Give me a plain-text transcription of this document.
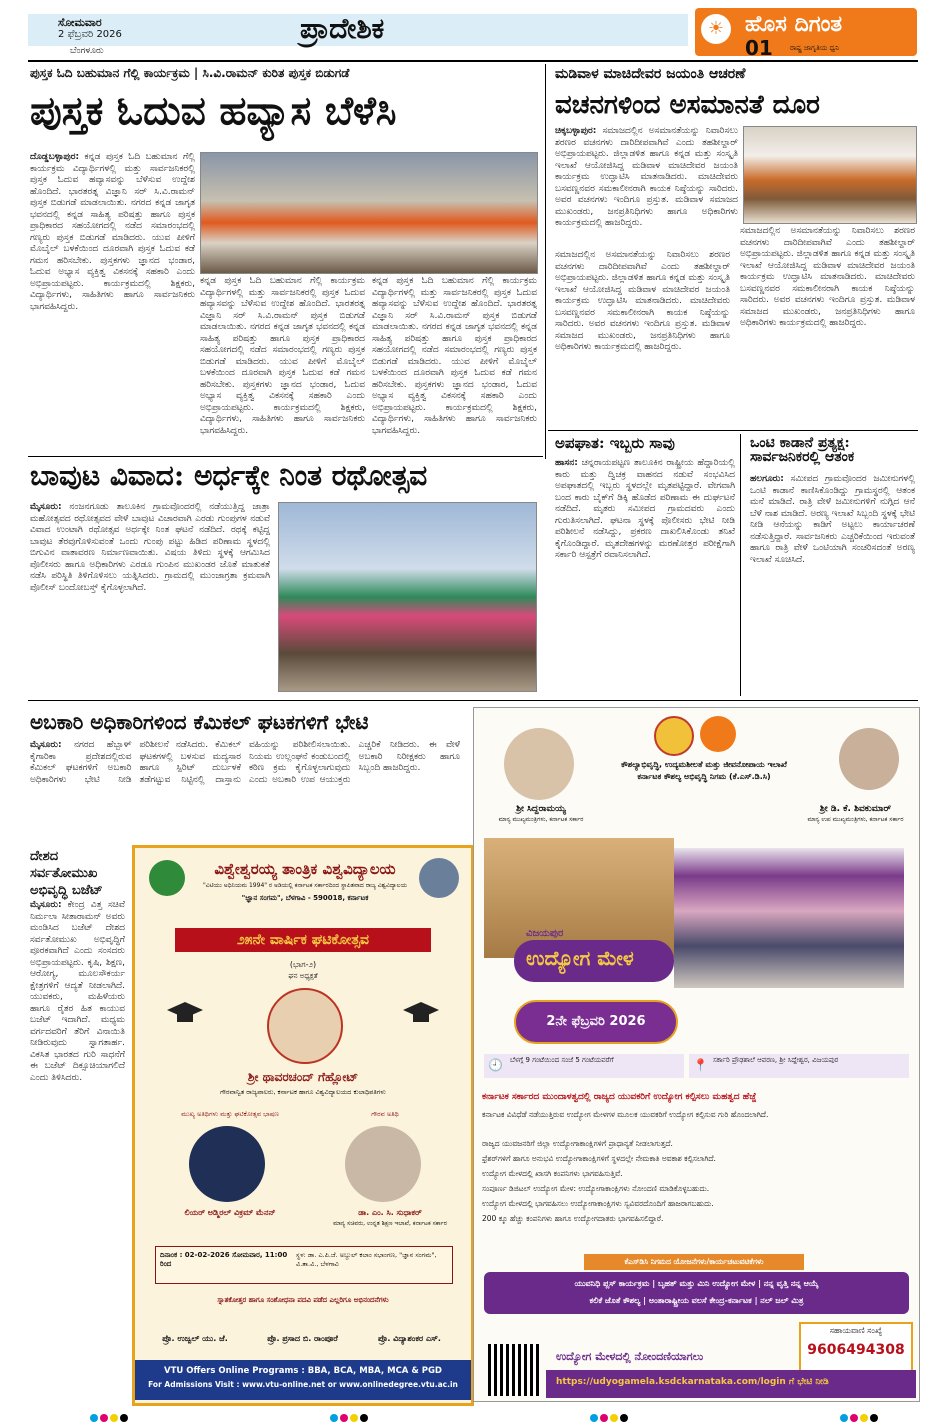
ಸೋಮವಾರ
2 ಫೆಬ್ರವರಿ 2026
ಬೆಂಗಳೂರು
ಪ್ರಾದೇಶಿಕ	☀ ಹೊಸ ದಿಗಂತ
01 ರಾಷ್ಟ್ರ ಜಾಗೃತಿಯ ಧ್ವನಿ
ಪುಸ್ತಕ ಓದಿ ಬಹುಮಾನ ಗೆಲ್ಲಿ ಕಾರ್ಯಕ್ರಮ | ಸಿ.ವಿ.ರಾಮನ್ ಕುರಿತ ಪುಸ್ತಕ ಬಿಡುಗಡೆ
ಪುಸ್ತಕ ಓದುವ ಹವ್ಯಾಸ ಬೆಳೆಸಿ
ದೊಡ್ಡಬಳ್ಳಾಪುರ: ಕನ್ನಡ ಪುಸ್ತಕ ಓದಿ ಬಹುಮಾನ ಗೆಲ್ಲಿ ಕಾರ್ಯಕ್ರಮ ವಿದ್ಯಾರ್ಥಿಗಳಲ್ಲಿ ಮತ್ತು ಸಾರ್ವಜನಿಕರಲ್ಲಿ ಪುಸ್ತಕ ಓದುವ ಹವ್ಯಾಸವನ್ನು ಬೆಳೆಸುವ ಉದ್ದೇಶ ಹೊಂದಿದೆ. ಭಾರತರತ್ನ ವಿಜ್ಞಾನಿ ಸರ್ ಸಿ.ವಿ.ರಾಮನ್ ಪುಸ್ತಕ ಬಿಡುಗಡೆ ಮಾಡಲಾಯಿತು. ನಗರದ ಕನ್ನಡ ಜಾಗೃತ ಭವನದಲ್ಲಿ ಕನ್ನಡ ಸಾಹಿತ್ಯ ಪರಿಷತ್ತು ಹಾಗೂ ಪುಸ್ತಕ ಪ್ರಾಧಿಕಾರದ ಸಹಯೋಗದಲ್ಲಿ ನಡೆದ ಸಮಾರಂಭದಲ್ಲಿ ಗಣ್ಯರು ಪುಸ್ತಕ ಬಿಡುಗಡೆ ಮಾಡಿದರು. ಯುವ ಪೀಳಿಗೆ ಮೊಬೈಲ್ ಬಳಕೆಯಿಂದ ದೂರವಾಗಿ ಪುಸ್ತಕ ಓದುವ ಕಡೆ ಗಮನ ಹರಿಸಬೇಕು. ಪುಸ್ತಕಗಳು ಜ್ಞಾನದ ಭಂಡಾರ, ಓದುವ ಅಭ್ಯಾಸ ವ್ಯಕ್ತಿತ್ವ ವಿಕಸನಕ್ಕೆ ಸಹಕಾರಿ ಎಂದು ಅಭಿಪ್ರಾಯಪಟ್ಟರು. ಕಾರ್ಯಕ್ರಮದಲ್ಲಿ ಶಿಕ್ಷಕರು, ವಿದ್ಯಾರ್ಥಿಗಳು, ಸಾಹಿತಿಗಳು ಹಾಗೂ ಸಾರ್ವಜನಿಕರು ಭಾಗವಹಿಸಿದ್ದರು.
ಕನ್ನಡ ಪುಸ್ತಕ ಓದಿ ಬಹುಮಾನ ಗೆಲ್ಲಿ ಕಾರ್ಯಕ್ರಮ ವಿದ್ಯಾರ್ಥಿಗಳಲ್ಲಿ ಮತ್ತು ಸಾರ್ವಜನಿಕರಲ್ಲಿ ಪುಸ್ತಕ ಓದುವ ಹವ್ಯಾಸವನ್ನು ಬೆಳೆಸುವ ಉದ್ದೇಶ ಹೊಂದಿದೆ. ಭಾರತರತ್ನ ವಿಜ್ಞಾನಿ ಸರ್ ಸಿ.ವಿ.ರಾಮನ್ ಪುಸ್ತಕ ಬಿಡುಗಡೆ ಮಾಡಲಾಯಿತು. ನಗರದ ಕನ್ನಡ ಜಾಗೃತ ಭವನದಲ್ಲಿ ಕನ್ನಡ ಸಾಹಿತ್ಯ ಪರಿಷತ್ತು ಹಾಗೂ ಪುಸ್ತಕ ಪ್ರಾಧಿಕಾರದ ಸಹಯೋಗದಲ್ಲಿ ನಡೆದ ಸಮಾರಂಭದಲ್ಲಿ ಗಣ್ಯರು ಪುಸ್ತಕ ಬಿಡುಗಡೆ ಮಾಡಿದರು. ಯುವ ಪೀಳಿಗೆ ಮೊಬೈಲ್ ಬಳಕೆಯಿಂದ ದೂರವಾಗಿ ಪುಸ್ತಕ ಓದುವ ಕಡೆ ಗಮನ ಹರಿಸಬೇಕು. ಪುಸ್ತಕಗಳು ಜ್ಞಾನದ ಭಂಡಾರ, ಓದುವ ಅಭ್ಯಾಸ ವ್ಯಕ್ತಿತ್ವ ವಿಕಸನಕ್ಕೆ ಸಹಕಾರಿ ಎಂದು ಅಭಿಪ್ರಾಯಪಟ್ಟರು. ಕಾರ್ಯಕ್ರಮದಲ್ಲಿ ಶಿಕ್ಷಕರು, ವಿದ್ಯಾರ್ಥಿಗಳು, ಸಾಹಿತಿಗಳು ಹಾಗೂ ಸಾರ್ವಜನಿಕರು ಭಾಗವಹಿಸಿದ್ದರು.
ಕನ್ನಡ ಪುಸ್ತಕ ಓದಿ ಬಹುಮಾನ ಗೆಲ್ಲಿ ಕಾರ್ಯಕ್ರಮ ವಿದ್ಯಾರ್ಥಿಗಳಲ್ಲಿ ಮತ್ತು ಸಾರ್ವಜನಿಕರಲ್ಲಿ ಪುಸ್ತಕ ಓದುವ ಹವ್ಯಾಸವನ್ನು ಬೆಳೆಸುವ ಉದ್ದೇಶ ಹೊಂದಿದೆ. ಭಾರತರತ್ನ ವಿಜ್ಞಾನಿ ಸರ್ ಸಿ.ವಿ.ರಾಮನ್ ಪುಸ್ತಕ ಬಿಡುಗಡೆ ಮಾಡಲಾಯಿತು. ನಗರದ ಕನ್ನಡ ಜಾಗೃತ ಭವನದಲ್ಲಿ ಕನ್ನಡ ಸಾಹಿತ್ಯ ಪರಿಷತ್ತು ಹಾಗೂ ಪುಸ್ತಕ ಪ್ರಾಧಿಕಾರದ ಸಹಯೋಗದಲ್ಲಿ ನಡೆದ ಸಮಾರಂಭದಲ್ಲಿ ಗಣ್ಯರು ಪುಸ್ತಕ ಬಿಡುಗಡೆ ಮಾಡಿದರು. ಯುವ ಪೀಳಿಗೆ ಮೊಬೈಲ್ ಬಳಕೆಯಿಂದ ದೂರವಾಗಿ ಪುಸ್ತಕ ಓದುವ ಕಡೆ ಗಮನ ಹರಿಸಬೇಕು. ಪುಸ್ತಕಗಳು ಜ್ಞಾನದ ಭಂಡಾರ, ಓದುವ ಅಭ್ಯಾಸ ವ್ಯಕ್ತಿತ್ವ ವಿಕಸನಕ್ಕೆ ಸಹಕಾರಿ ಎಂದು ಅಭಿಪ್ರಾಯಪಟ್ಟರು. ಕಾರ್ಯಕ್ರಮದಲ್ಲಿ ಶಿಕ್ಷಕರು, ವಿದ್ಯಾರ್ಥಿಗಳು, ಸಾಹಿತಿಗಳು ಹಾಗೂ ಸಾರ್ವಜನಿಕರು ಭಾಗವಹಿಸಿದ್ದರು.
ಮಡಿವಾಳ ಮಾಚಿದೇವರ ಜಯಂತಿ ಆಚರಣೆ
ವಚನಗಳಿಂದ ಅಸಮಾನತೆ ದೂರ
ಚಿಕ್ಕಬಳ್ಳಾಪುರ: ಸಮಾಜದಲ್ಲಿನ ಅಸಮಾನತೆಯನ್ನು ನಿವಾರಿಸಲು ಶರಣರ ವಚನಗಳು ದಾರಿದೀಪವಾಗಿವೆ ಎಂದು ತಹಶೀಲ್ದಾರ್ ಅಭಿಪ್ರಾಯಪಟ್ಟರು. ಜಿಲ್ಲಾಡಳಿತ ಹಾಗೂ ಕನ್ನಡ ಮತ್ತು ಸಂಸ್ಕೃತಿ ಇಲಾಖೆ ಆಯೋಜಿಸಿದ್ದ ಮಡಿವಾಳ ಮಾಚಿದೇವರ ಜಯಂತಿ ಕಾರ್ಯಕ್ರಮ ಉದ್ಘಾಟಿಸಿ ಮಾತನಾಡಿದರು. ಮಾಚಿದೇವರು ಬಸವಣ್ಣನವರ ಸಮಕಾಲೀನರಾಗಿ ಕಾಯಕ ನಿಷ್ಠೆಯನ್ನು ಸಾರಿದರು. ಅವರ ವಚನಗಳು ಇಂದಿಗೂ ಪ್ರಸ್ತುತ. ಮಡಿವಾಳ ಸಮಾಜದ ಮುಖಂಡರು, ಜನಪ್ರತಿನಿಧಿಗಳು ಹಾಗೂ ಅಧಿಕಾರಿಗಳು ಕಾರ್ಯಕ್ರಮದಲ್ಲಿ ಹಾಜರಿದ್ದರು.
ಸಮಾಜದಲ್ಲಿನ ಅಸಮಾನತೆಯನ್ನು ನಿವಾರಿಸಲು ಶರಣರ ವಚನಗಳು ದಾರಿದೀಪವಾಗಿವೆ ಎಂದು ತಹಶೀಲ್ದಾರ್ ಅಭಿಪ್ರಾಯಪಟ್ಟರು. ಜಿಲ್ಲಾಡಳಿತ ಹಾಗೂ ಕನ್ನಡ ಮತ್ತು ಸಂಸ್ಕೃತಿ ಇಲಾಖೆ ಆಯೋಜಿಸಿದ್ದ ಮಡಿವಾಳ ಮಾಚಿದೇವರ ಜಯಂತಿ ಕಾರ್ಯಕ್ರಮ ಉದ್ಘಾಟಿಸಿ ಮಾತನಾಡಿದರು. ಮಾಚಿದೇವರು ಬಸವಣ್ಣನವರ ಸಮಕಾಲೀನರಾಗಿ ಕಾಯಕ ನಿಷ್ಠೆಯನ್ನು ಸಾರಿದರು. ಅವರ ವಚನಗಳು ಇಂದಿಗೂ ಪ್ರಸ್ತುತ. ಮಡಿವಾಳ ಸಮಾಜದ ಮುಖಂಡರು, ಜನಪ್ರತಿನಿಧಿಗಳು ಹಾಗೂ ಅಧಿಕಾರಿಗಳು ಕಾರ್ಯಕ್ರಮದಲ್ಲಿ ಹಾಜರಿದ್ದರು.
ಸಮಾಜದಲ್ಲಿನ ಅಸಮಾನತೆಯನ್ನು ನಿವಾರಿಸಲು ಶರಣರ ವಚನಗಳು ದಾರಿದೀಪವಾಗಿವೆ ಎಂದು ತಹಶೀಲ್ದಾರ್ ಅಭಿಪ್ರಾಯಪಟ್ಟರು. ಜಿಲ್ಲಾಡಳಿತ ಹಾಗೂ ಕನ್ನಡ ಮತ್ತು ಸಂಸ್ಕೃತಿ ಇಲಾಖೆ ಆಯೋಜಿಸಿದ್ದ ಮಡಿವಾಳ ಮಾಚಿದೇವರ ಜಯಂತಿ ಕಾರ್ಯಕ್ರಮ ಉದ್ಘಾಟಿಸಿ ಮಾತನಾಡಿದರು. ಮಾಚಿದೇವರು ಬಸವಣ್ಣನವರ ಸಮಕಾಲೀನರಾಗಿ ಕಾಯಕ ನಿಷ್ಠೆಯನ್ನು ಸಾರಿದರು. ಅವರ ವಚನಗಳು ಇಂದಿಗೂ ಪ್ರಸ್ತುತ. ಮಡಿವಾಳ ಸಮಾಜದ ಮುಖಂಡರು, ಜನಪ್ರತಿನಿಧಿಗಳು ಹಾಗೂ ಅಧಿಕಾರಿಗಳು ಕಾರ್ಯಕ್ರಮದಲ್ಲಿ ಹಾಜರಿದ್ದರು.
ಬಾವುಟ ವಿವಾದ: ಅರ್ಧಕ್ಕೇ ನಿಂತ ರಥೋತ್ಸವ
ಮೈಸೂರು: ನಂಜನಗೂಡು ತಾಲೂಕಿನ ಗ್ರಾಮವೊಂದರಲ್ಲಿ ನಡೆಯುತ್ತಿದ್ದ ಜಾತ್ರಾ ಮಹೋತ್ಸವದ ರಥೋತ್ಸವದ ವೇಳೆ ಬಾವುಟ ವಿಚಾರವಾಗಿ ಎರಡು ಗುಂಪುಗಳ ನಡುವೆ ವಿವಾದ ಉಂಟಾಗಿ ರಥೋತ್ಸವ ಅರ್ಧಕ್ಕೇ ನಿಂತ ಘಟನೆ ನಡೆದಿದೆ. ರಥಕ್ಕೆ ಕಟ್ಟಿದ್ದ ಬಾವುಟ ತೆರವುಗೊಳಿಸುವಂತೆ ಒಂದು ಗುಂಪು ಪಟ್ಟು ಹಿಡಿದ ಪರಿಣಾಮ ಸ್ಥಳದಲ್ಲಿ ಬಿಗುವಿನ ವಾತಾವರಣ ನಿರ್ಮಾಣವಾಯಿತು. ವಿಷಯ ತಿಳಿದು ಸ್ಥಳಕ್ಕೆ ಆಗಮಿಸಿದ ಪೊಲೀಸರು ಹಾಗೂ ಅಧಿಕಾರಿಗಳು ಎರಡೂ ಗುಂಪಿನ ಮುಖಂಡರ ಜೊತೆ ಮಾತುಕತೆ ನಡೆಸಿ ಪರಿಸ್ಥಿತಿ ತಿಳಿಗೊಳಿಸಲು ಯತ್ನಿಸಿದರು. ಗ್ರಾಮದಲ್ಲಿ ಮುಂಜಾಗ್ರತಾ ಕ್ರಮವಾಗಿ ಪೊಲೀಸ್ ಬಂದೋಬಸ್ತ್ ಕೈಗೊಳ್ಳಲಾಗಿದೆ.
ಅಪಘಾತ: ಇಬ್ಬರು ಸಾವು
ಹಾಸನ: ಚನ್ನರಾಯಪಟ್ಟಣ ತಾಲೂಕಿನ ರಾಷ್ಟ್ರೀಯ ಹೆದ್ದಾರಿಯಲ್ಲಿ ಕಾರು ಮತ್ತು ದ್ವಿಚಕ್ರ ವಾಹನದ ನಡುವೆ ಸಂಭವಿಸಿದ ಅಪಘಾತದಲ್ಲಿ ಇಬ್ಬರು ಸ್ಥಳದಲ್ಲೇ ಮೃತಪಟ್ಟಿದ್ದಾರೆ. ವೇಗವಾಗಿ ಬಂದ ಕಾರು ಬೈಕ್‌ಗೆ ಡಿಕ್ಕಿ ಹೊಡೆದ ಪರಿಣಾಮ ಈ ದುರ್ಘಟನೆ ನಡೆದಿದೆ. ಮೃತರು ಸಮೀಪದ ಗ್ರಾಮದವರು ಎಂದು ಗುರುತಿಸಲಾಗಿದೆ. ಘಟನಾ ಸ್ಥಳಕ್ಕೆ ಪೊಲೀಸರು ಭೇಟಿ ನೀಡಿ ಪರಿಶೀಲನೆ ನಡೆಸಿದ್ದು, ಪ್ರಕರಣ ದಾಖಲಿಸಿಕೊಂಡು ತನಿಖೆ ಕೈಗೊಂಡಿದ್ದಾರೆ. ಮೃತದೇಹಗಳನ್ನು ಮರಣೋತ್ತರ ಪರೀಕ್ಷೆಗಾಗಿ ಸರ್ಕಾರಿ ಆಸ್ಪತ್ರೆಗೆ ರವಾನಿಸಲಾಗಿದೆ.
ಒಂಟಿ ಕಾಡಾನೆ ಪ್ರತ್ಯಕ್ಷ: ಸಾರ್ವಜನಿಕರಲ್ಲಿ ಆತಂಕ
ಹಲಗೂರು: ಸಮೀಪದ ಗ್ರಾಮವೊಂದರ ಜಮೀನುಗಳಲ್ಲಿ ಒಂಟಿ ಕಾಡಾನೆ ಕಾಣಿಸಿಕೊಂಡಿದ್ದು ಗ್ರಾಮಸ್ಥರಲ್ಲಿ ಆತಂಕ ಮನೆ ಮಾಡಿದೆ. ರಾತ್ರಿ ವೇಳೆ ಜಮೀನುಗಳಿಗೆ ನುಗ್ಗಿದ ಆನೆ ಬೆಳೆ ನಾಶ ಮಾಡಿದೆ. ಅರಣ್ಯ ಇಲಾಖೆ ಸಿಬ್ಬಂದಿ ಸ್ಥಳಕ್ಕೆ ಭೇಟಿ ನೀಡಿ ಆನೆಯನ್ನು ಕಾಡಿಗೆ ಅಟ್ಟಲು ಕಾರ್ಯಾಚರಣೆ ನಡೆಸುತ್ತಿದ್ದಾರೆ. ಸಾರ್ವಜನಿಕರು ಎಚ್ಚರಿಕೆಯಿಂದ ಇರುವಂತೆ ಹಾಗೂ ರಾತ್ರಿ ವೇಳೆ ಒಂಟಿಯಾಗಿ ಸಂಚರಿಸದಂತೆ ಅರಣ್ಯ ಇಲಾಖೆ ಸೂಚಿಸಿದೆ.
ಅಬಕಾರಿ ಅಧಿಕಾರಿಗಳಿಂದ ಕೆಮಿಕಲ್ ಘಟಕಗಳಿಗೆ ಭೇಟಿ
ಮೈಸೂರು: ನಗರದ ಹೆಬ್ಬಾಳ್ ಕೈಗಾರಿಕಾ ಪ್ರದೇಶದಲ್ಲಿರುವ ಕೆಮಿಕಲ್ ಘಟಕಗಳಿಗೆ ಅಬಕಾರಿ ಅಧಿಕಾರಿಗಳು ಭೇಟಿ ನೀಡಿ ಪರಿಶೀಲನೆ ನಡೆಸಿದರು. ಕೆಮಿಕಲ್ ಘಟಕಗಳಲ್ಲಿ ಬಳಸುವ ಮದ್ಯಸಾರ ಹಾಗೂ ಸ್ಪಿರಿಟ್ ದುರ್ಬಳಕೆ ತಡೆಗಟ್ಟುವ ನಿಟ್ಟಿನಲ್ಲಿ ದಾಸ್ತಾನು ವಹಿಯನ್ನು ಪರಿಶೀಲಿಸಲಾಯಿತು. ನಿಯಮ ಉಲ್ಲಂಘನೆ ಕಂಡುಬಂದಲ್ಲಿ ಕಠಿಣ ಕ್ರಮ ಕೈಗೊಳ್ಳಲಾಗುವುದು ಎಂದು ಅಬಕಾರಿ ಉಪ ಆಯುಕ್ತರು ಎಚ್ಚರಿಕೆ ನೀಡಿದರು. ಈ ವೇಳೆ ಅಬಕಾರಿ ನಿರೀಕ್ಷಕರು ಹಾಗೂ ಸಿಬ್ಬಂದಿ ಹಾಜರಿದ್ದರು.
ದೇಶದ ಸರ್ವತೋಮುಖ ಅಭಿವೃದ್ಧಿ ಬಜೆಟ್
ಮೈಸೂರು: ಕೇಂದ್ರ ವಿತ್ತ ಸಚಿವೆ ನಿರ್ಮಲಾ ಸೀತಾರಾಮನ್ ಅವರು ಮಂಡಿಸಿದ ಬಜೆಟ್ ದೇಶದ ಸರ್ವತೋಮುಖ ಅಭಿವೃದ್ಧಿಗೆ ಪೂರಕವಾಗಿದೆ ಎಂದು ಸಂಸದರು ಅಭಿಪ್ರಾಯಪಟ್ಟರು. ಕೃಷಿ, ಶಿಕ್ಷಣ, ಆರೋಗ್ಯ, ಮೂಲಸೌಕರ್ಯ ಕ್ಷೇತ್ರಗಳಿಗೆ ಆದ್ಯತೆ ನೀಡಲಾಗಿದೆ. ಯುವಕರು, ಮಹಿಳೆಯರು ಹಾಗೂ ರೈತರ ಹಿತ ಕಾಯುವ ಬಜೆಟ್ ಇದಾಗಿದೆ. ಮಧ್ಯಮ ವರ್ಗದವರಿಗೆ ತೆರಿಗೆ ವಿನಾಯಿತಿ ನೀಡಿರುವುದು ಸ್ವಾಗತಾರ್ಹ. ವಿಕಸಿತ ಭಾರತದ ಗುರಿ ಸಾಧನೆಗೆ ಈ ಬಜೆಟ್ ದಿಕ್ಸೂಚಿಯಾಗಲಿದೆ ಎಂದು ತಿಳಿಸಿದರು.
ವಿಶ್ವೇಶ್ವರಯ್ಯ ತಾಂತ್ರಿಕ ವಿಶ್ವವಿದ್ಯಾಲಯ
"ವಿಟಿಯು ಅಧಿನಿಯಮ 1994" ರ ಅಡಿಯಲ್ಲಿ ಕರ್ನಾಟಕ ಸರ್ಕಾರದಿಂದ ಸ್ಥಾಪಿತವಾದ ರಾಜ್ಯ ವಿಶ್ವವಿದ್ಯಾಲಯ
"ಜ್ಞಾನ ಸಂಗಮ", ಬೆಳಗಾವಿ - 590018, ಕರ್ನಾಟಕ
೨೫ನೇ ವಾರ್ಷಿಕ ಘಟಿಕೋತ್ಸವ
(ಭಾಗ-೨)
ಘನ ಅಧ್ಯಕ್ಷತೆ
ಶ್ರೀ ಥಾವರಚಂದ್ ಗೆಹ್ಲೋಟ್
ಗೌರವಾನ್ವಿತ ರಾಜ್ಯಪಾಲರು, ಕರ್ನಾಟಕ ಹಾಗೂ ವಿಶ್ವವಿದ್ಯಾಲಯದ ಕುಲಾಧಿಪತಿಗಳು
ಮುಖ್ಯ ಅತಿಥಿಗಳು ಮತ್ತು ಘಟಿಕೋತ್ಸವ ಭಾಷಣ	ಗೌರವ ಅತಿಥಿ
ಲಿಯರ್ ಅಡ್ಮಿರಲ್ ವಿಕ್ರಮ್ ಮೆನನ್	ಡಾ. ಎಂ. ಸಿ. ಸುಧಾಕರ್
ಮಾನ್ಯ ಸಚಿವರು, ಉನ್ನತ ಶಿಕ್ಷಣ ಇಲಾಖೆ, ಕರ್ನಾಟಕ ಸರ್ಕಾರ
ದಿನಾಂಕ : 02-02-2026 ಸೋಮವಾರ, 11:00 ರಿಂದ
ಸ್ಥಳ: ಡಾ. ಎ.ಪಿ.ಜೆ. ಅಬ್ದುಲ್ ಕಲಾಂ ಸಭಾಂಗಣ, "ಜ್ಞಾನ ಸಂಗಮ", ವಿ.ತಾ.ವಿ., ಬೆಳಗಾವಿ
ಸ್ನಾತಕೋತ್ತರ ಹಾಗೂ ಸಂಶೋಧನಾ ಪದವಿ ಪಡೆದ ಎಲ್ಲರಿಗೂ ಅಭಿನಂದನೆಗಳು
ಪ್ರೊ. ಉಜ್ವಲ್ ಯು. ಜೆ.	ಪ್ರೊ. ಪ್ರಸಾದ ಬಿ. ರಾಂಪೂರೆ	ಪ್ರೊ. ವಿದ್ಯಾಶಂಕರ ಎಸ್.
VTU Offers Online Programs : BBA, BCA, MBA, MCA & PGD
For Admissions Visit : www.vtu-online.net or www.onlinedegree.vtu.ac.in
ಕೌಶಲ್ಯಾಭಿವೃದ್ಧಿ, ಉದ್ಯಮಶೀಲತೆ ಮತ್ತು ಜೀವನೋಪಾಯ ಇಲಾಖೆ
ಕರ್ನಾಟಕ ಕೌಶಲ್ಯ ಅಭಿವೃದ್ಧಿ ನಿಗಮ (ಕೆ.ಎಸ್.ಡಿ.ಸಿ)
ಶ್ರೀ ಸಿದ್ದರಾಮಯ್ಯ
ಮಾನ್ಯ ಮುಖ್ಯಮಂತ್ರಿಗಳು, ಕರ್ನಾಟಕ ಸರ್ಕಾರ
ಶ್ರೀ ಡಿ. ಕೆ. ಶಿವಕುಮಾರ್
ಮಾನ್ಯ ಉಪ ಮುಖ್ಯಮಂತ್ರಿಗಳು, ಕರ್ನಾಟಕ ಸರ್ಕಾರ
ವಿಜಯಪುರ
ಉದ್ಯೋಗ ಮೇಳ
2ನೇ ಫೆಬ್ರವರಿ 2026
🕘 ಬೆಳಗ್ಗೆ 9 ಗಂಟೆಯಿಂದ ಸಂಜೆ 5 ಗಂಟೆಯವರೆಗೆ	📍 ಸರ್ಕಾರಿ ಪ್ರೌಢಶಾಲೆ ಆವರಣ, ಶ್ರೀ ಸಿದ್ದೇಶ್ವರ, ವಿಜಯಪುರ
ಕರ್ನಾಟಕ ಸರ್ಕಾರದ ಮುಂದಾಳತ್ವದಲ್ಲಿ ರಾಜ್ಯದ ಯುವಕರಿಗೆ ಉದ್ಯೋಗ ಕಲ್ಪಿಸಲು ಮಹತ್ವದ ಹೆಜ್ಜೆ
ಕರ್ನಾಟಕ ವಿವಿಧೆಡೆ ನಡೆಯುತ್ತಿರುವ ಉದ್ಯೋಗ ಮೇಳಗಳ ಮೂಲಕ ಯುವಕರಿಗೆ ಉದ್ಯೋಗ ಕಲ್ಪಿಸುವ ಗುರಿ ಹೊಂದಲಾಗಿದೆ.
ರಾಜ್ಯದ ಯುವಜನರಿಗೆ ಜಿಲ್ಲಾ ಉದ್ಯೋಗಾಕಾಂಕ್ಷಿಗಳಿಗೆ ಪ್ರಾಧಾನ್ಯತೆ ನೀಡಲಾಗುತ್ತದೆ.
ಫ್ರೆಶರ್‌ಗಳಿಗೆ ಹಾಗೂ ಅನುಭವಿ ಉದ್ಯೋಗಾಕಾಂಕ್ಷಿಗಳಿಗೆ ಸ್ಥಳದಲ್ಲೇ ನೇಮಕಾತಿ ಅವಕಾಶ ಕಲ್ಪಿಸಲಾಗಿದೆ.
ಉದ್ಯೋಗ ಮೇಳದಲ್ಲಿ ಖಾಸಗಿ ಕಂಪನಿಗಳು ಭಾಗವಹಿಸುತ್ತಿವೆ.
ಸಂಪೂರ್ಣ ಡಿಜಿಟಲ್ ಉದ್ಯೋಗ ಮೇಳ: ಉದ್ಯೋಗಾಕಾಂಕ್ಷಿಗಳು ನೋಂದಣಿ ಮಾಡಿಕೊಳ್ಳಬಹುದು.
ಉದ್ಯೋಗ ಮೇಳದಲ್ಲಿ ಭಾಗವಹಿಸಲು ಉದ್ಯೋಗಾಕಾಂಕ್ಷಿಗಳು ಸ್ವವಿವರದೊಂದಿಗೆ ಹಾಜರಾಗಬಹುದು.
200 ಕ್ಕೂ ಹೆಚ್ಚು ಕಂಪನಿಗಳು ಹಾಗೂ ಉದ್ಯೋಗದಾತರು ಭಾಗವಹಿಸಲಿದ್ದಾರೆ.
ಕೆಎಸ್‌ಡಿಸಿ ನಿಗಮದ ಯೋಜನೆಗಳು/ಕಾರ್ಯಚಟುವಟಿಕೆಗಳು
ಯುವನಿಧಿ ಪ್ಲಸ್ ಕಾರ್ಯಕ್ರಮ | ಬೃಹತ್ ಮತ್ತು ಮಿನಿ ಉದ್ಯೋಗ ಮೇಳ | ನನ್ನ ವೃತ್ತಿ ನನ್ನ ಆಯ್ಕೆ
ಕಲಿಕೆ ಜೊತೆ ಕೌಶಲ್ಯ | ಅಂತಾರಾಷ್ಟ್ರೀಯ ವಲಸೆ ಕೇಂದ್ರ-ಕರ್ನಾಟಕ | ನಲ್ ಜಲ್ ಮಿತ್ರ
ಸಹಾಯವಾಣಿ ಸಂಖ್ಯೆ
9606494308
ಉದ್ಯೋಗ ಮೇಳದಲ್ಲಿ ನೋಂದಣಿಯಾಗಲು
https://udyogamela.ksdckarnataka.com/login ಗೆ ಭೇಟಿ ನೀಡಿ
